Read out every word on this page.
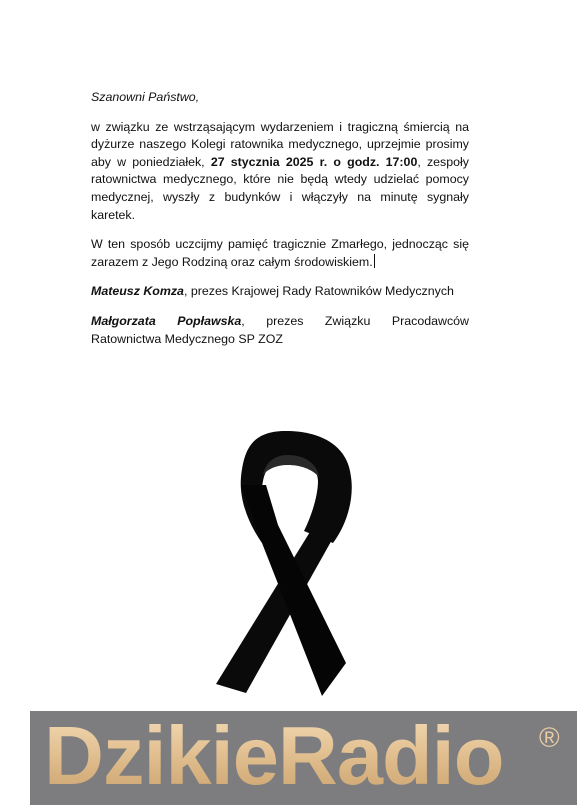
Szanowni Państwo,

w związku ze wstrząsającym wydarzeniem i tragiczną śmiercią na dyżurze naszego Kolegi ratownika medycznego, uprzejmie prosimy aby w poniedziałek, 27 stycznia 2025 r. o godz. 17:00, zespoły ratownictwa medycznego, które nie będą wtedy udzielać pomocy medycznej, wyszły z budynków i włączyły na minutę sygnały karetek.

W ten sposób uczcijmy pamięć tragicznie Zmarłego, jednocząc się zarazem z Jego Rodziną oraz całym środowiskiem.

Mateusz Komza, prezes Krajowej Rady Ratowników Medycznych

Małgorzata Popławska, prezes Związku Pracodawców Ratownictwa Medycznego SP ZOZ

DzikieRadio ®
